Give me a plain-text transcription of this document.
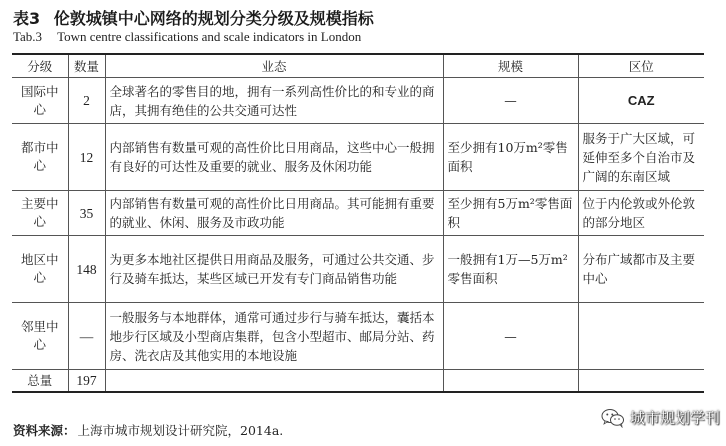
表3 伦敦城镇中心网络的规划分类分级及规模指标
Tab.3 Town centre classifications and scale indicators in London
分级	数量	业态	规模	区位
国际中心	2	全球著名的零售目的地，拥有一系列高性价比的和专业的商店，其拥有绝佳的公共交通可达性	—	CAZ
都市中心	12	内部销售有数量可观的高性价比日用商品，这些中心一般拥有良好的可达性及重要的就业、服务及休闲功能	至少拥有10万m²零售面积	服务于广大区域，可延伸至多个自治市及广阔的东南区域
主要中心	35	内部销售有数量可观的高性价比日用商品。其可能拥有重要的就业、休闲、服务及市政功能	至少拥有5万m²零售面积	位于内伦敦或外伦敦的部分地区
地区中心	148	为更多本地社区提供日用商品及服务，可通过公共交通、步行及骑车抵达，某些区域已开发有专门商品销售功能	一般拥有1万—5万m²零售面积	分布广域都市及主要中心
邻里中心	—	一般服务与本地群体，通常可通过步行与骑车抵达，囊括本地步行区域及小型商店集群，包含小型超市、邮局分站、药房、洗衣店及其他实用的本地设施	—	
总量	197			
资料来源： 上海市城市规划设计研究院，2014a.
城市规划学刊
